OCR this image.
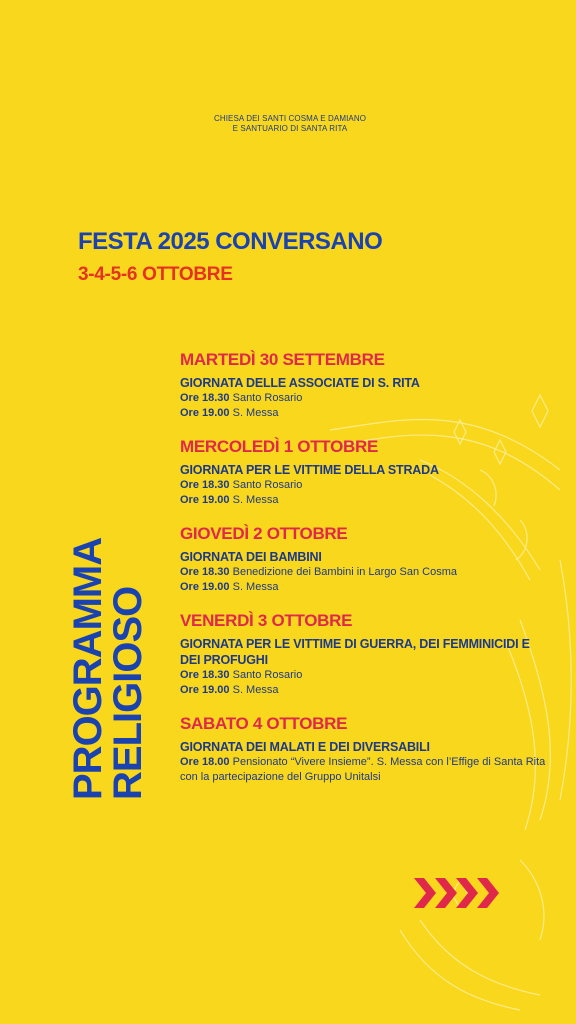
CHIESA DEI SANTI COSMA E DAMIANO
E SANTUARIO DI SANTA RITA
FESTA 2025 CONVERSANO
3-4-5-6 OTTOBRE
PROGRAMMA
RELIGIOSO
MARTEDÌ 30 SETTEMBRE
GIORNATA DELLE ASSOCIATE DI S. RITA
Ore 18.30 Santo Rosario
Ore 19.00 S. Messa
MERCOLEDÌ 1 OTTOBRE
GIORNATA PER LE VITTIME DELLA STRADA
Ore 18.30 Santo Rosario
Ore 19.00 S. Messa
GIOVEDÌ 2 OTTOBRE
GIORNATA DEI BAMBINI
Ore 18.30 Benedizione dei Bambini in Largo San Cosma
Ore 19.00 S. Messa
VENERDÌ 3 OTTOBRE
GIORNATA PER LE VITTIME DI GUERRA, DEI FEMMINICIDI E DEI PROFUGHI
Ore 18.30 Santo Rosario
Ore 19.00 S. Messa
SABATO 4 OTTOBRE
GIORNATA DEI MALATI E DEI DIVERSABILI
Ore 18.00 Pensionato “Vivere Insieme”. S. Messa con l’Effige di Santa Rita con la partecipazione del Gruppo Unitalsi
